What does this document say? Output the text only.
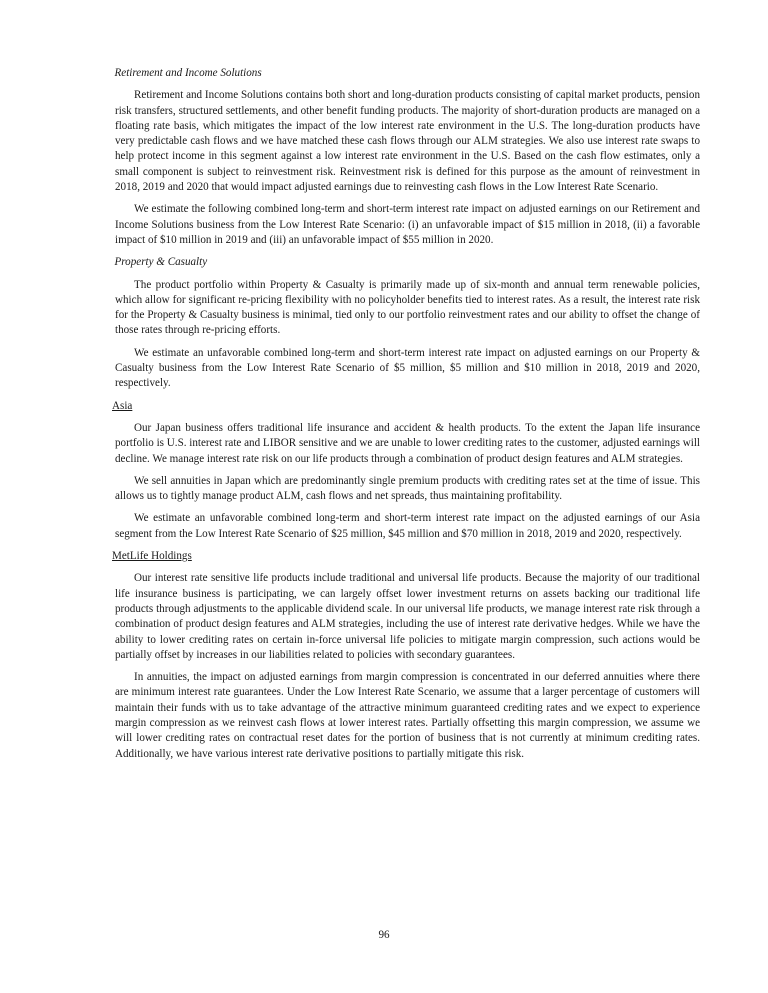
Retirement and Income Solutions

Retirement and Income Solutions contains both short and long-duration products consisting of capital market products, pension risk transfers, structured settlements, and other benefit funding products. The majority of short-duration products are managed on a floating rate basis, which mitigates the impact of the low interest rate environment in the U.S. The long-duration products have very predictable cash flows and we have matched these cash flows through our ALM strategies. We also use interest rate swaps to help protect income in this segment against a low interest rate environment in the U.S. Based on the cash flow estimates, only a small component is subject to reinvestment risk. Reinvestment risk is defined for this purpose as the amount of reinvestment in 2018, 2019 and 2020 that would impact adjusted earnings due to reinvesting cash flows in the Low Interest Rate Scenario.

We estimate the following combined long-term and short-term interest rate impact on adjusted earnings on our Retirement and Income Solutions business from the Low Interest Rate Scenario: (i) an unfavorable impact of $15 million in 2018, (ii) a favorable impact of $10 million in 2019 and (iii) an unfavorable impact of $55 million in 2020.

Property & Casualty

The product portfolio within Property & Casualty is primarily made up of six-month and annual term renewable policies, which allow for significant re-pricing flexibility with no policyholder benefits tied to interest rates. As a result, the interest rate risk for the Property & Casualty business is minimal, tied only to our portfolio reinvestment rates and our ability to offset the change of those rates through re-pricing efforts.

We estimate an unfavorable combined long-term and short-term interest rate impact on adjusted earnings on our Property & Casualty business from the Low Interest Rate Scenario of $5 million, $5 million and $10 million in 2018, 2019 and 2020, respectively.

Asia

Our Japan business offers traditional life insurance and accident & health products. To the extent the Japan life insurance portfolio is U.S. interest rate and LIBOR sensitive and we are unable to lower crediting rates to the customer, adjusted earnings will decline. We manage interest rate risk on our life products through a combination of product design features and ALM strategies.

We sell annuities in Japan which are predominantly single premium products with crediting rates set at the time of issue. This allows us to tightly manage product ALM, cash flows and net spreads, thus maintaining profitability.

We estimate an unfavorable combined long-term and short-term interest rate impact on the adjusted earnings of our Asia segment from the Low Interest Rate Scenario of $25 million, $45 million and $70 million in 2018, 2019 and 2020, respectively.

MetLife Holdings

Our interest rate sensitive life products include traditional and universal life products. Because the majority of our traditional life insurance business is participating, we can largely offset lower investment returns on assets backing our traditional life products through adjustments to the applicable dividend scale. In our universal life products, we manage interest rate risk through a combination of product design features and ALM strategies, including the use of interest rate derivative hedges. While we have the ability to lower crediting rates on certain in-force universal life policies to mitigate margin compression, such actions would be partially offset by increases in our liabilities related to policies with secondary guarantees.

In annuities, the impact on adjusted earnings from margin compression is concentrated in our deferred annuities where there are minimum interest rate guarantees. Under the Low Interest Rate Scenario, we assume that a larger percentage of customers will maintain their funds with us to take advantage of the attractive minimum guaranteed crediting rates and we expect to experience margin compression as we reinvest cash flows at lower interest rates. Partially offsetting this margin compression, we assume we will lower crediting rates on contractual reset dates for the portion of business that is not currently at minimum crediting rates. Additionally, we have various interest rate derivative positions to partially mitigate this risk.

96
